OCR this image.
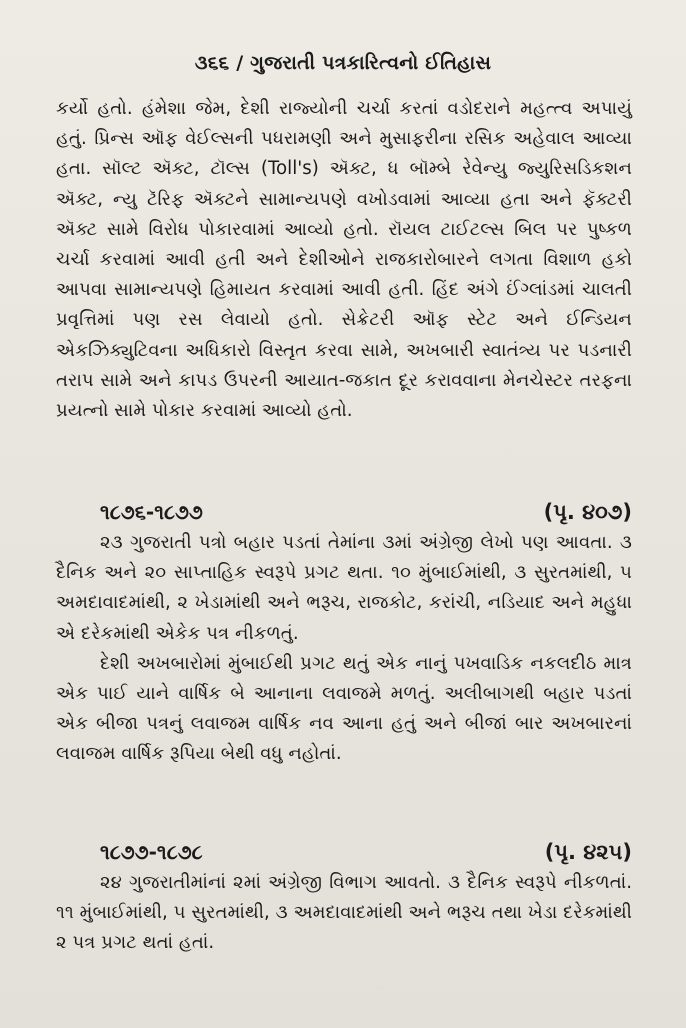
૩૬૬ / ગુજરાતી પત્રકારિત્વનો ઈતિહાસ

કર્યો હતો. હંમેશા જેમ, દેશી રાજ્યોની ચર્ચા કરતાં વડોદરાને મહત્ત્વ અપાયું હતું. પ્રિન્સ ઑફ વેઈલ્સની પધરામણી અને મુસાફરીના રસિક અહેવાલ આવ્યા હતા. સૉલ્ટ ઍક્ટ, ટૉલ્સ (Toll's) ઍક્ટ, ધ બૉમ્બે રેવેન્યુ જ્યુરિસડિકશન ઍક્ટ, ન્યુ ટૅરિફ ઍક્ટને સામાન્યપણે વખોડવામાં આવ્યા હતા અને ફૅક્ટરી ઍક્ટ સામે વિરોધ પોકારવામાં આવ્યો હતો. રૉયલ ટાઈટલ્સ બિલ પર પુષ્કળ ચર્ચા કરવામાં આવી હતી અને દેશીઓને રાજકારોબારને લગતા વિશાળ હકો આપવા સામાન્યપણે હિમાયત કરવામાં આવી હતી. હિંદ અંગે ઈંગ્લાંડમાં ચાલતી પ્રવૃત્તિમાં પણ રસ લેવાયો હતો. સેક્રેટરી ઑફ સ્ટેટ અને ઈન્ડિયન એકઝિક્યુટિવના અધિકારો વિસ્તૃત કરવા સામે, અખબારી સ્વાતંત્ર્ય પર પડનારી તરાપ સામે અને કાપડ ઉપરની આયાત-જકાત દૂર કરાવવાના મેનચેસ્ટર તરફના પ્રયત્નો સામે પોકાર કરવામાં આવ્યો હતો.

૧૮૭૬-૧૮૭૭	(પૃ. ૪૦૭)

૨૩ ગુજરાતી પત્રો બહાર પડતાં તેમાંના ૩માં અંગ્રેજી લેખો પણ આવતા. ૩ દૈનિક અને ૨૦ સાપ્તાહિક સ્વરૂપે પ્રગટ થતા. ૧૦ મુંબાઈમાંથી, ૩ સુરતમાંથી, ૫ અમદાવાદમાંથી, ૨ ખેડામાંથી અને ભરૂચ, રાજકોટ, કરાંચી, નડિયાદ અને મહુધા એ દરેકમાંથી એકેક પત્ર નીકળતું.

દેશી અખબારોમાં મુંબાઈથી પ્રગટ થતું એક નાનું પખવાડિક નકલદીઠ માત્ર એક પાઈ યાને વાર્ષિક બે આનાના લવાજમે મળતું. અલીબાગથી બહાર પડતાં એક બીજા પત્રનું લવાજમ વાર્ષિક નવ આના હતું અને બીજાં બાર અખબારનાં લવાજમ વાર્ષિક રૂપિયા બેથી વધુ નહોતાં.

૧૮૭૭-૧૮૭૮	(પૃ. ૪૨૫)

૨૪ ગુજરાતીમાંનાં ૨માં અંગ્રેજી વિભાગ આવતો. ૩ દૈનિક સ્વરૂપે નીકળતાં. ૧૧ મુંબાઈમાંથી, ૫ સુરતમાંથી, ૩ અમદાવાદમાંથી અને ભરૂચ તથા ખેડા દરેકમાંથી ૨ પત્ર પ્રગટ થતાં હતાં.
